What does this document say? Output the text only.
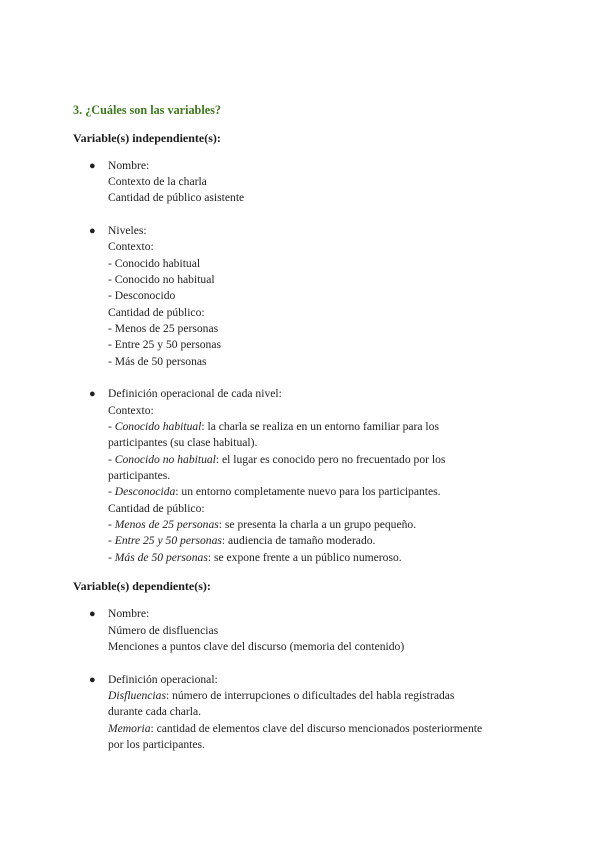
3. ¿Cuáles son las variables?
Variable(s) independiente(s):
● Nombre:
Contexto de la charla
Cantidad de público asistente
● Niveles:
Contexto:
- Conocido habitual
- Conocido no habitual
- Desconocido
Cantidad de público:
- Menos de 25 personas
- Entre 25 y 50 personas
- Más de 50 personas
● Definición operacional de cada nivel:
Contexto:
- Conocido habitual: la charla se realiza en un entorno familiar para los
participantes (su clase habitual).
- Conocido no habitual: el lugar es conocido pero no frecuentado por los
participantes.
- Desconocida: un entorno completamente nuevo para los participantes.
Cantidad de público:
- Menos de 25 personas: se presenta la charla a un grupo pequeño.
- Entre 25 y 50 personas: audiencia de tamaño moderado.
- Más de 50 personas: se expone frente a un público numeroso.
Variable(s) dependiente(s):
● Nombre:
Número de disfluencias
Menciones a puntos clave del discurso (memoria del contenido)
● Definición operacional:
Disfluencias: número de interrupciones o dificultades del habla registradas
durante cada charla.
Memoria: cantidad de elementos clave del discurso mencionados posteriormente
por los participantes.
